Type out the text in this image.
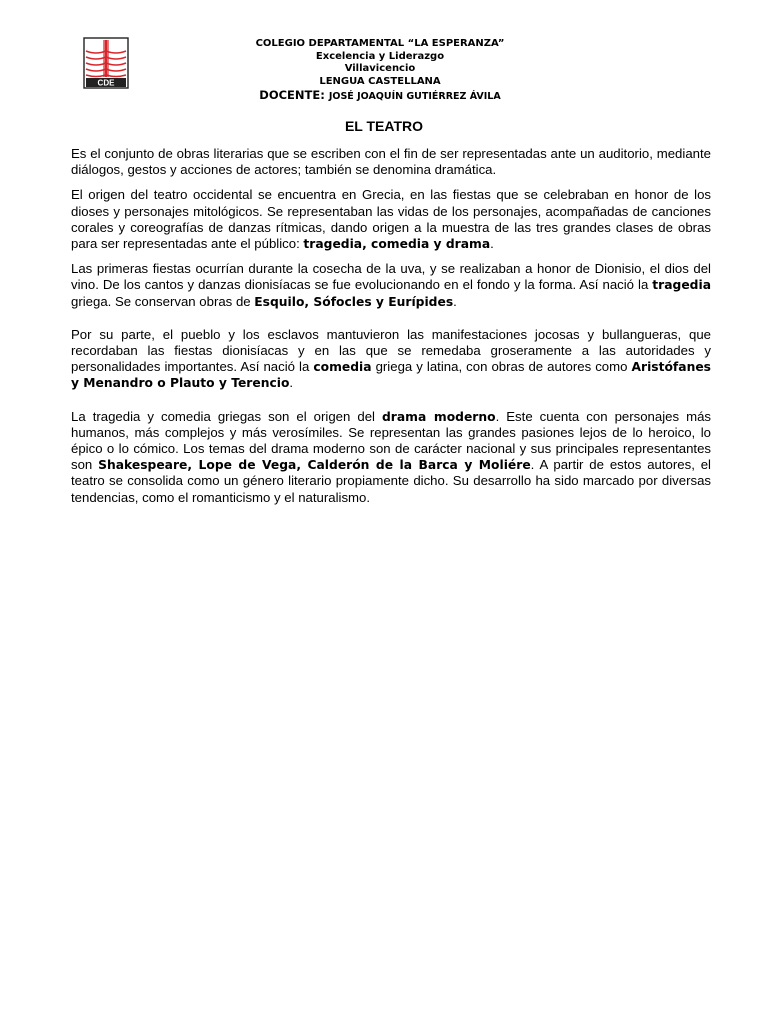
CDE
COLEGIO DEPARTAMENTAL “LA ESPERANZA”
Excelencia y Liderazgo
Villavicencio
LENGUA CASTELLANA
DOCENTE: JOSÉ JOAQUÍN GUTIÉRREZ ÁVILA
EL TEATRO

Es el conjunto de obras literarias que se escriben con el fin de ser representadas ante un auditorio, mediante diálogos, gestos y acciones de actores; también se denomina dramática.

El origen del teatro occidental se encuentra en Grecia, en las fiestas que se celebraban en honor de los dioses y personajes mitológicos. Se representaban las vidas de los personajes, acompañadas de canciones corales y coreografías de danzas rítmicas, dando origen a la muestra de las tres grandes clases de obras para ser representadas ante el público: tragedia, comedia y drama.

Las primeras fiestas ocurrían durante la cosecha de la uva, y se realizaban a honor de Dionisio, el dios del vino. De los cantos y danzas dionisíacas se fue evolucionando en el fondo y la forma. Así nació la tragedia griega. Se conservan obras de Esquilo, Sófocles y Eurípides.

Por su parte, el pueblo y los esclavos mantuvieron las manifestaciones jocosas y bullangueras, que recordaban las fiestas dionisíacas y en las que se remedaba groseramente a las autoridades y personalidades importantes. Así nació la comedia griega y latina, con obras de autores como Aristófanes y Menandro o Plauto y Terencio.

La tragedia y comedia griegas son el origen del drama moderno. Este cuenta con personajes más humanos, más complejos y más verosímiles. Se representan las grandes pasiones lejos de lo heroico, lo épico o lo cómico. Los temas del drama moderno son de carácter nacional y sus principales representantes son Shakespeare, Lope de Vega, Calderón de la Barca y Moliére. A partir de estos autores, el teatro se consolida como un género literario propiamente dicho. Su desarrollo ha sido marcado por diversas tendencias, como el romanticismo y el naturalismo.
